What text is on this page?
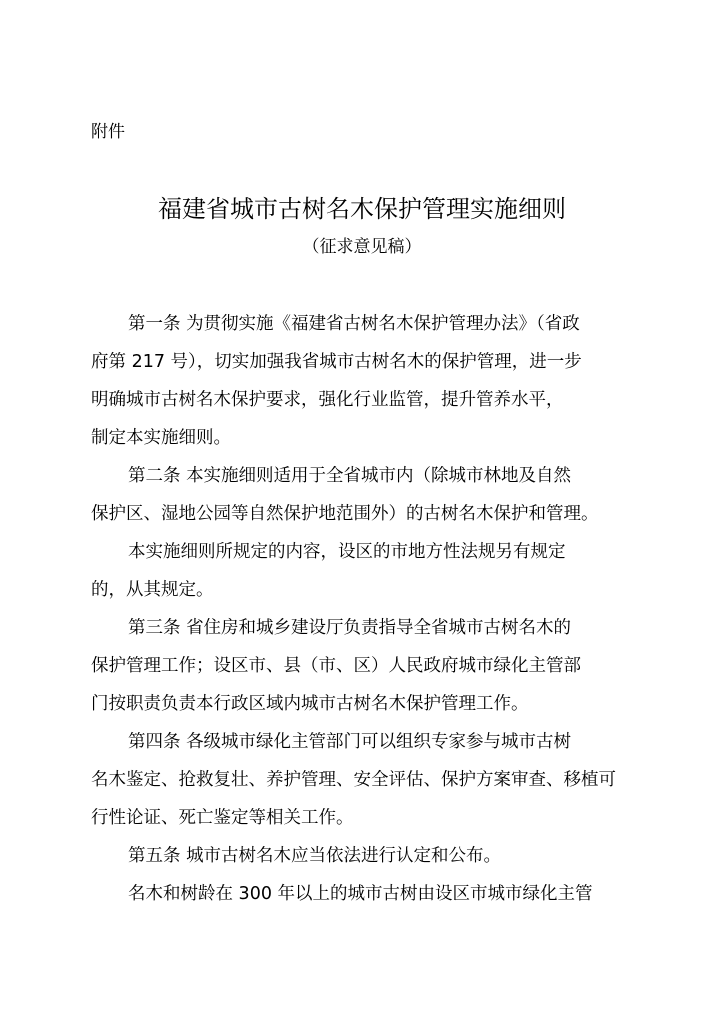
附件
福建省城市古树名木保护管理实施细则
（征求意见稿）
第一条 为贯彻实施《福建省古树名木保护管理办法》（省政
府第 217 号），切实加强我省城市古树名木的保护管理，进一步
明确城市古树名木保护要求，强化行业监管，提升管养水平，
制定本实施细则。
第二条 本实施细则适用于全省城市内（除城市林地及自然
保护区、湿地公园等自然保护地范围外）的古树名木保护和管理。
本实施细则所规定的内容，设区的市地方性法规另有规定
的，从其规定。
第三条 省住房和城乡建设厅负责指导全省城市古树名木的
保护管理工作；设区市、县（市、区）人民政府城市绿化主管部
门按职责负责本行政区域内城市古树名木保护管理工作。
第四条 各级城市绿化主管部门可以组织专家参与城市古树
名木鉴定、抢救复壮、养护管理、安全评估、保护方案审查、移植可
行性论证、死亡鉴定等相关工作。
第五条 城市古树名木应当依法进行认定和公布。
名木和树龄在 300 年以上的城市古树由设区市城市绿化主管
